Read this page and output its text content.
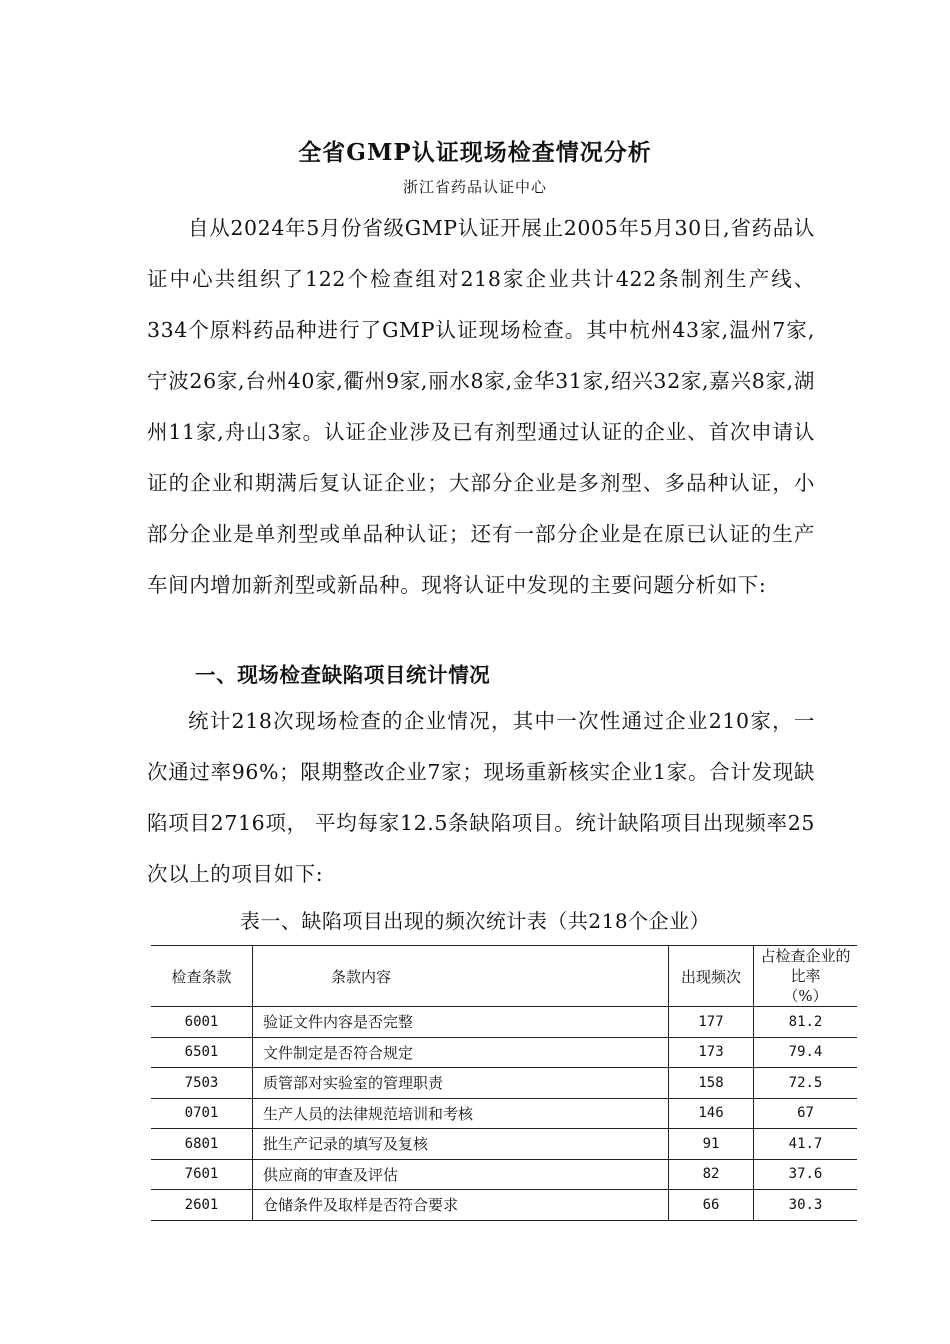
全省GMP认证现场检查情况分析
浙江省药品认证中心

自从2024年5月份省级GMP认证开展止2005年5月30日,省药品认证中心共组织了122个检查组对218家企业共计422条制剂生产线、334个原料药品种进行了GMP认证现场检查。其中杭州43家,温州7家,宁波26家,台州40家,衢州9家,丽水8家,金华31家,绍兴32家,嘉兴8家,湖州11家,舟山3家。认证企业涉及已有剂型通过认证的企业、首次申请认证的企业和期满后复认证企业；大部分企业是多剂型、多品种认证，小部分企业是单剂型或单品种认证；还有一部分企业是在原已认证的生产车间内增加新剂型或新品种。现将认证中发现的主要问题分析如下:

一、现场检查缺陷项目统计情况

统计218次现场检查的企业情况，其中一次性通过企业210家，一次通过率96%；限期整改企业7家；现场重新核实企业1家。合计发现缺陷项目2716项， 平均每家12.5条缺陷项目。统计缺陷项目出现频率25次以上的项目如下:

表一、缺陷项目出现的频次统计表（共218个企业）
检查条款	条款内容	出现频次	占检查企业的比率
（%）

6001	验证文件内容是否完整	177	81.2
6501	文件制定是否符合规定	173	79.4
7503	质管部对实验室的管理职责	158	72.5
0701	生产人员的法律规范培训和考核	146	67
6801	批生产记录的填写及复核	91	41.7
7601	供应商的审查及评估	82	37.6
2601	仓储条件及取样是否符合要求	66	30.3
